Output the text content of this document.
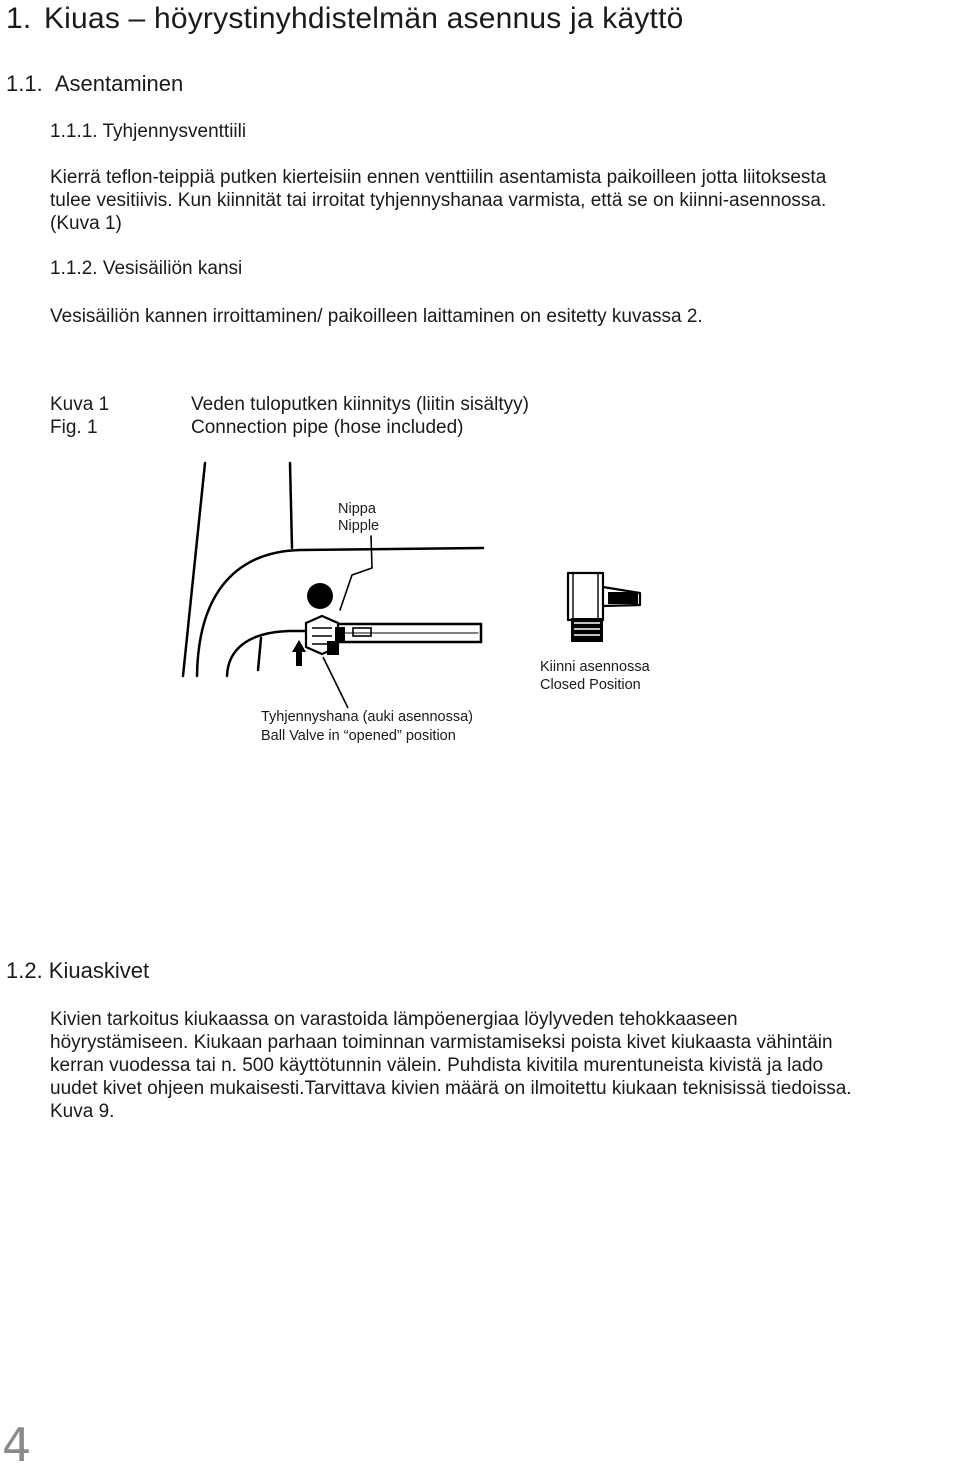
1. Kiuas – höyrystinyhdistelmän asennus ja käyttö
1.1. Asentaminen
1.1.1. Tyhjennysventtiili
Kierrä teflon-teippiä putken kierteisiin ennen venttiilin asentamista paikoilleen jotta liitoksesta
tulee vesitiivis. Kun kiinnität tai irroitat tyhjennyshanaa varmista, että se on kiinni-asennossa.
(Kuva 1)
1.1.2. Vesisäiliön kansi
Vesisäiliön kannen irroittaminen/ paikoilleen laittaminen on esitetty kuvassa 2.
Kuva 1
Fig. 1
Veden tuloputken kiinnitys (liitin sisältyy)
Connection pipe (hose included)
Nippa
Nipple
Kiinni asennossa
Closed Position
Tyhjennyshana (auki asennossa)
Ball Valve in “opened” position
1.2. Kiuaskivet
Kivien tarkoitus kiukaassa on varastoida lämpöenergiaa löylyveden tehokkaaseen
höyrystämiseen. Kiukaan parhaan toiminnan varmistamiseksi poista kivet kiukaasta vähintäin
kerran vuodessa tai n. 500 käyttötunnin välein. Puhdista kivitila murentuneista kivistä ja lado
uudet kivet ohjeen mukaisesti.Tarvittava kivien määrä on ilmoitettu kiukaan teknisissä tiedoissa.
Kuva 9.
4
